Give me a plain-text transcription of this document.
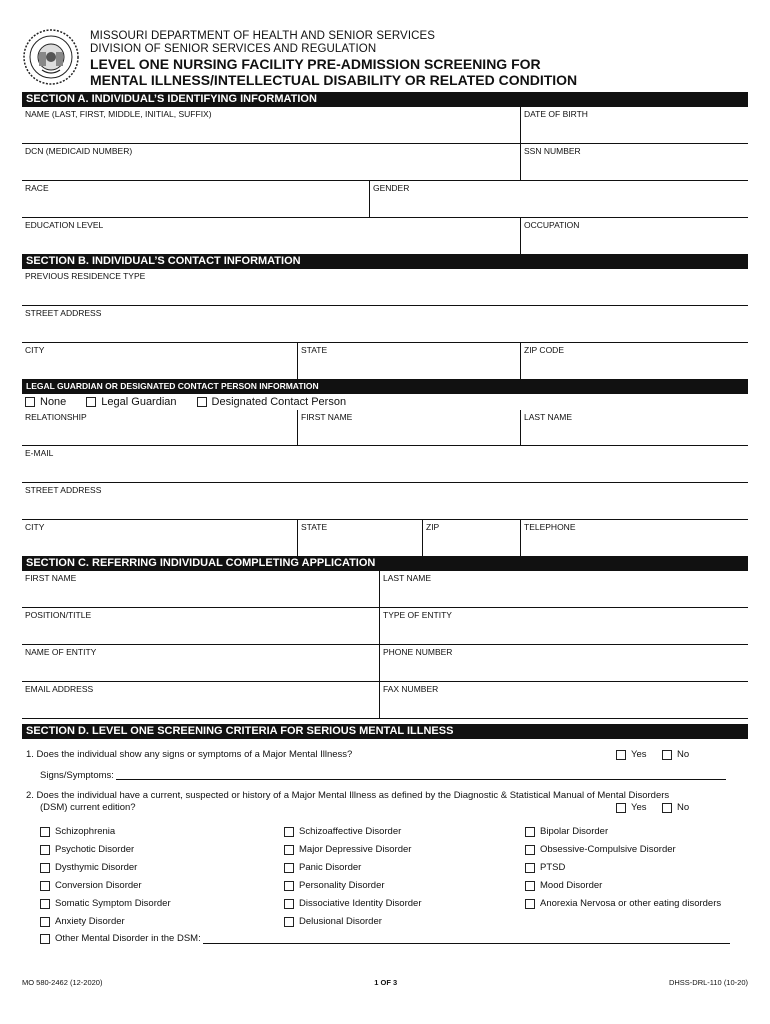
MISSOURI DEPARTMENT OF HEALTH AND SENIOR SERVICES
DIVISION OF SENIOR SERVICES AND REGULATION
LEVEL ONE NURSING FACILITY PRE-ADMISSION SCREENING FOR
MENTAL ILLNESS/INTELLECTUAL DISABILITY OR RELATED CONDITION
SECTION A. INDIVIDUAL’S IDENTIFYING INFORMATION
NAME (LAST, FIRST, MIDDLE, INITIAL, SUFFIX)	DATE OF BIRTH
DCN (MEDICAID NUMBER)	SSN NUMBER
RACE	GENDER
EDUCATION LEVEL	OCCUPATION
SECTION B. INDIVIDUAL’S CONTACT INFORMATION
PREVIOUS RESIDENCE TYPE
STREET ADDRESS
CITY	STATE	ZIP CODE
LEGAL GUARDIAN OR DESIGNATED CONTACT PERSON INFORMATION
None	Legal Guardian	Designated Contact Person
RELATIONSHIP	FIRST NAME	LAST NAME
E-MAIL
STREET ADDRESS
CITY	STATE	ZIP	TELEPHONE
SECTION C. REFERRING INDIVIDUAL COMPLETING APPLICATION
FIRST NAME	LAST NAME
POSITION/TITLE	TYPE OF ENTITY
NAME OF ENTITY	PHONE NUMBER
EMAIL ADDRESS	FAX NUMBER
SECTION D. LEVEL ONE SCREENING CRITERIA FOR SERIOUS MENTAL ILLNESS
1. Does the individual show any signs or symptoms of a Major Mental Illness?	Yes	No
Signs/Symptoms:
2. Does the individual have a current, suspected or history of a Major Mental Illness as defined by the Diagnostic & Statistical Manual of Mental Disorders
(DSM) current edition?	Yes	No
Schizophrenia
Psychotic Disorder
Dysthymic Disorder
Conversion Disorder
Somatic Symptom Disorder
Anxiety Disorder
Schizoaffective Disorder
Major Depressive Disorder
Panic Disorder
Personality Disorder
Dissociative Identity Disorder
Delusional Disorder
Bipolar Disorder
Obsessive-Compulsive Disorder
PTSD
Mood Disorder
Anorexia Nervosa or other eating disorders
Other Mental Disorder in the DSM:
MO 580-2462 (12-2020)	1 OF 3	DHSS-DRL-110 (10-20)
